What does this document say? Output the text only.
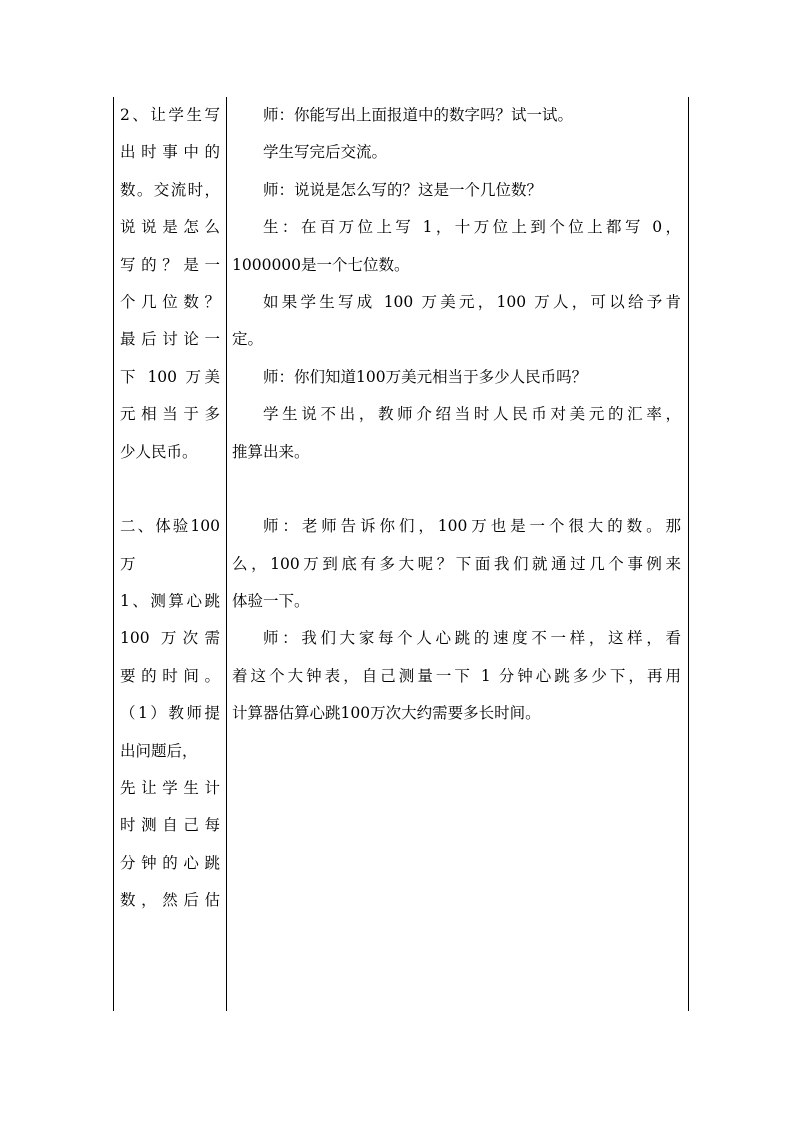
2、让学生写
出时事中的
数。交流时，
说说是怎么
写的？是一
个几位数？
最后讨论一
下 100 万美
元相当于多
少人民币。
二、体验100
万
1、测算心跳
100 万次需
要的时间。
（1）教师提
出问题后，
先让学生计
时测自己每
分钟的心跳
数，然后估
师：你能写出上面报道中的数字吗？试一试。
学生写完后交流。
师：说说是怎么写的？这是一个几位数？
生：在百万位上写 1，十万位上到个位上都写 0，
1000000是一个七位数。
如果学生写成 100 万美元，100 万人，可以给予肯
定。
师：你们知道100万美元相当于多少人民币吗？
学生说不出，教师介绍当时人民币对美元的汇率，
推算出来。
师：老师告诉你们，100万也是一个很大的数。那
么，100万到底有多大呢？下面我们就通过几个事例来
体验一下。
师：我们大家每个人心跳的速度不一样，这样，看
着这个大钟表，自己测量一下 1 分钟心跳多少下，再用
计算器估算心跳100万次大约需要多长时间。
